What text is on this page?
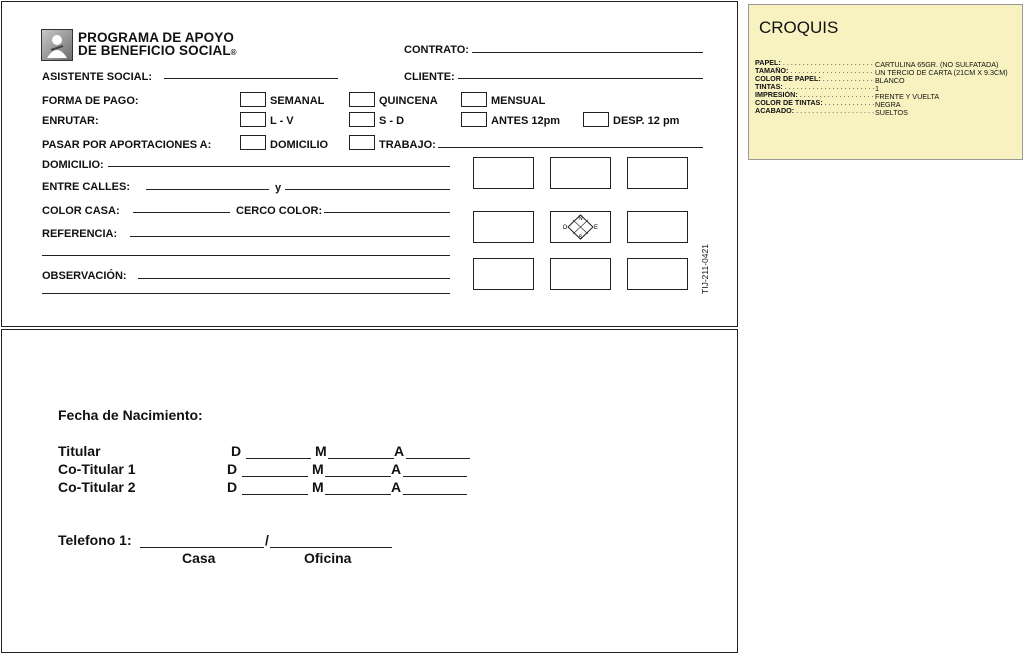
PROGRAMA DE APOYO
DE BENEFICIO SOCIAL®	CONTRATO:
ASISTENTE SOCIAL:	CLIENTE:
FORMA DE PAGO:	SEMANAL	QUINCENA	MENSUAL
ENRUTAR:	L - V	S - D	ANTES 12pm	DESP. 12 pm
PASAR POR APORTACIONES A:	DOMICILIO	TRABAJO:
DOMICILIO:
ENTRE CALLES:	y
COLOR CASA:	CERCO COLOR:
REFERENCIA:
OBSERVACIÓN:
N
S
E
O
TIJ-211-0421
Fecha de Nacimiento:
Titular	D	M	A
Co-Titular 1	D	M	A
Co-Titular 2	D	M	A
Telefono 1:	/
Casa	Oficina
CROQUIS
PAPEL: . . .	CARTULINA 65GR. (NO SULFATADA)
TAMAÑO: . . .	UN TERCIO DE CARTA (21CM X 9.3CM)
COLOR DE PAPEL: . . .	BLANCO
TINTAS: . . .	1
IMPRESIÓN: . . .	FRENTE Y VUELTA
COLOR DE TINTAS: . . .	NEGRA
ACABADO: . . .	SUELTOS
